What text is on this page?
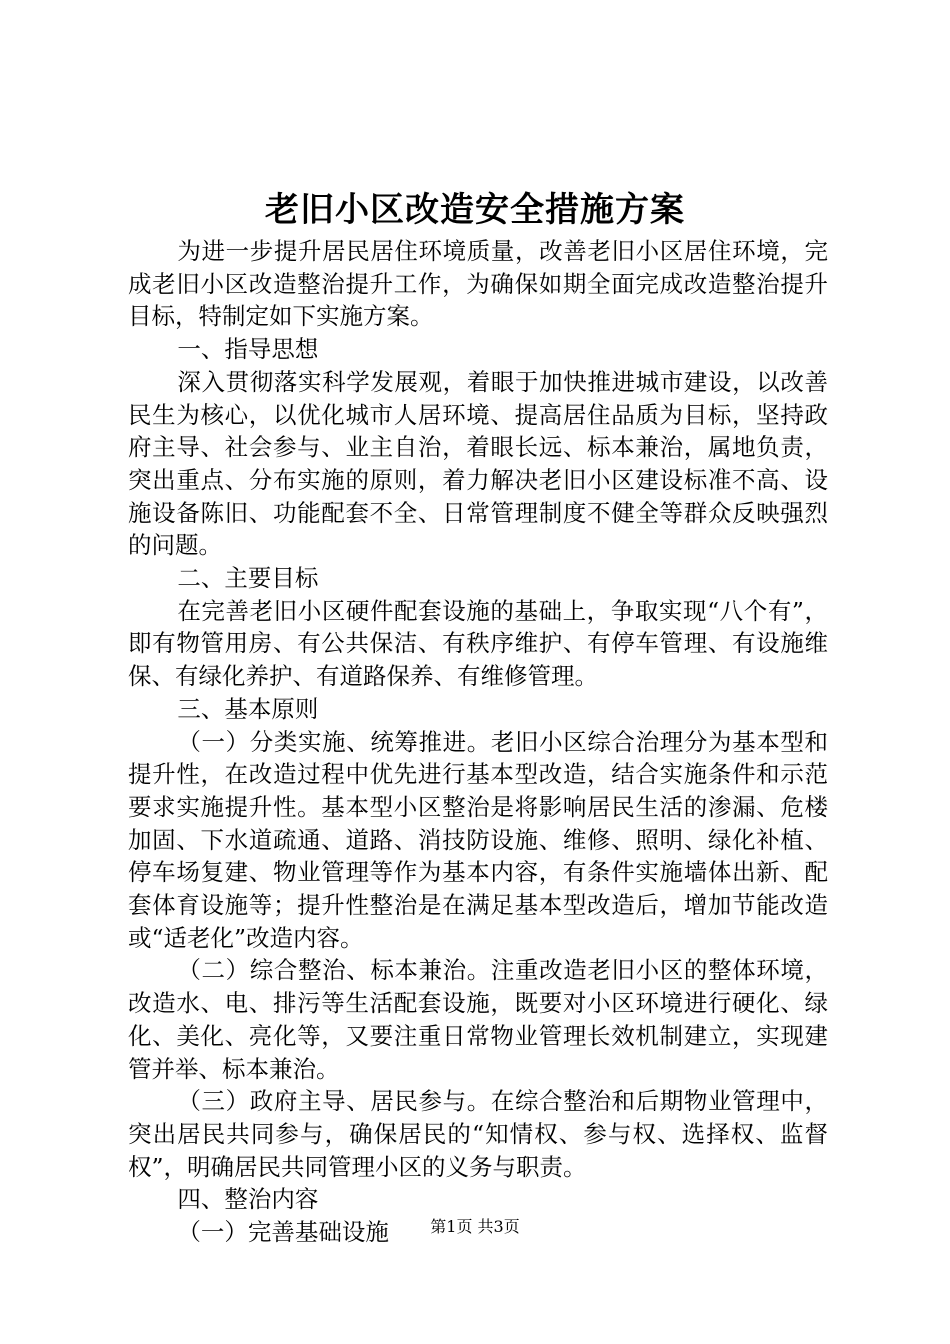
老旧小区改造安全措施方案

为进一步提升居民居住环境质量，改善老旧小区居住环境，完成老旧小区改造整治提升工作，为确保如期全面完成改造整治提升目标，特制定如下实施方案。

一、指导思想

深入贯彻落实科学发展观，着眼于加快推进城市建设，以改善民生为核心，以优化城市人居环境、提高居住品质为目标，坚持政府主导、社会参与、业主自治，着眼长远、标本兼治，属地负责，突出重点、分布实施的原则，着力解决老旧小区建设标准不高、设施设备陈旧、功能配套不全、日常管理制度不健全等群众反映强烈的问题。

二、主要目标

在完善老旧小区硬件配套设施的基础上，争取实现“八个有”，即有物管用房、有公共保洁、有秩序维护、有停车管理、有设施维保、有绿化养护、有道路保养、有维修管理。

三、基本原则

（一）分类实施、统筹推进。老旧小区综合治理分为基本型和提升性，在改造过程中优先进行基本型改造，结合实施条件和示范要求实施提升性。基本型小区整治是将影响居民生活的渗漏、危楼加固、下水道疏通、道路、消技防设施、维修、照明、绿化补植、停车场复建、物业管理等作为基本内容，有条件实施墙体出新、配套体育设施等；提升性整治是在满足基本型改造后，增加节能改造或“适老化”改造内容。

（二）综合整治、标本兼治。注重改造老旧小区的整体环境，改造水、电、排污等生活配套设施，既要对小区环境进行硬化、绿化、美化、亮化等，又要注重日常物业管理长效机制建立，实现建管并举、标本兼治。

（三）政府主导、居民参与。在综合整治和后期物业管理中，突出居民共同参与，确保居民的“知情权、参与权、选择权、监督权”，明确居民共同管理小区的义务与职责。

四、整治内容

（一）完善基础设施	第1页 共3页
